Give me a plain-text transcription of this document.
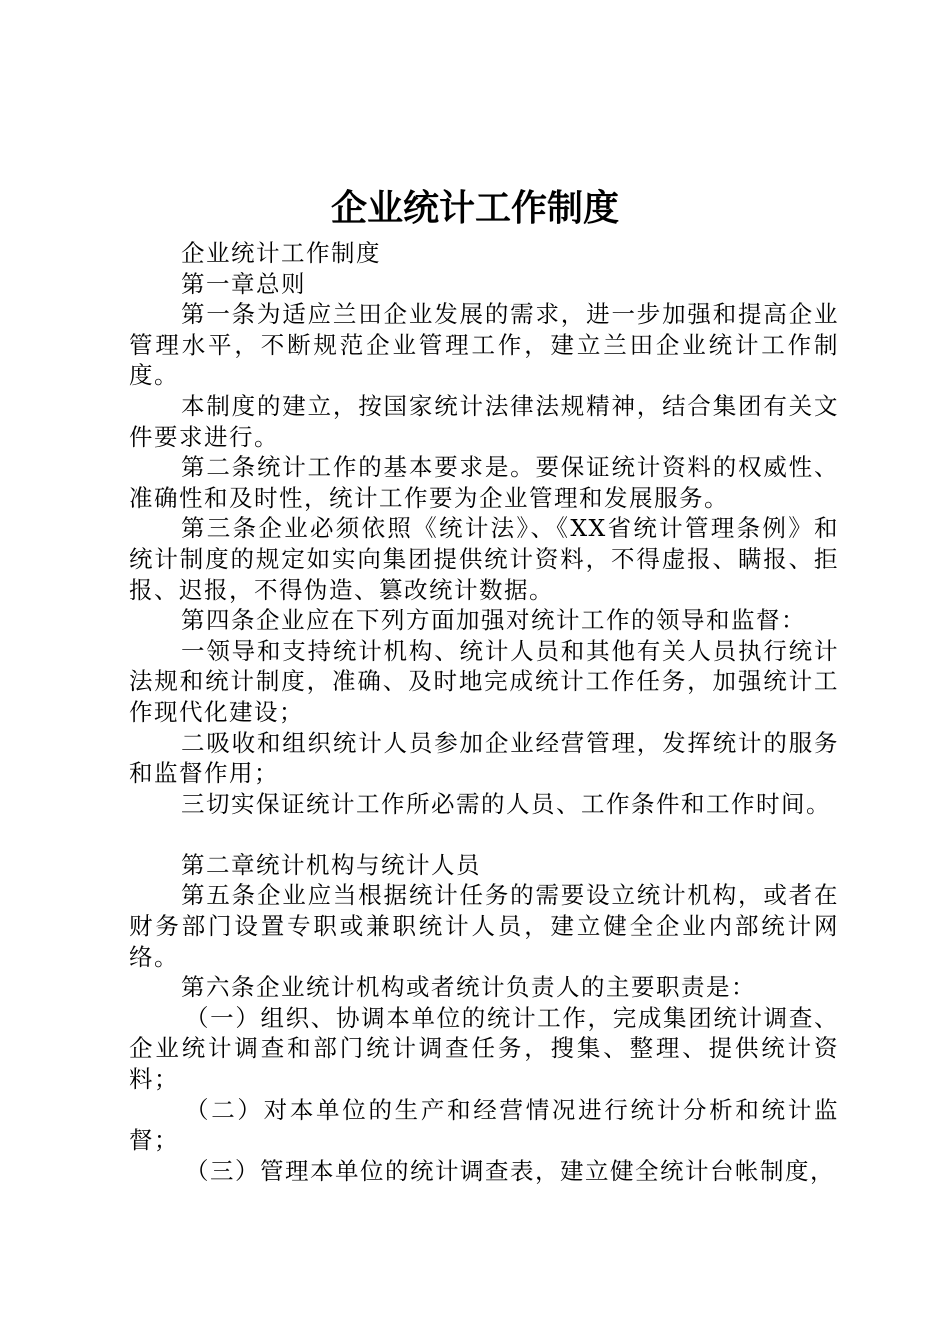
企业统计工作制度

企业统计工作制度

第一章总则

第一条为适应兰田企业发展的需求，进一步加强和提高企业管理水平，不断规范企业管理工作，建立兰田企业统计工作制度。

本制度的建立，按国家统计法律法规精神，结合集团有关文件要求进行。

第二条统计工作的基本要求是。要保证统计资料的权威性、准确性和及时性，统计工作要为企业管理和发展服务。

第三条企业必须依照《统计法》、《XX省统计管理条例》和统计制度的规定如实向集团提供统计资料，不得虚报、瞒报、拒报、迟报，不得伪造、篡改统计数据。

第四条企业应在下列方面加强对统计工作的领导和监督：

一领导和支持统计机构、统计人员和其他有关人员执行统计法规和统计制度，准确、及时地完成统计工作任务，加强统计工作现代化建设；

二吸收和组织统计人员参加企业经营管理，发挥统计的服务和监督作用；

三切实保证统计工作所必需的人员、工作条件和工作时间。

第二章统计机构与统计人员

第五条企业应当根据统计任务的需要设立统计机构，或者在财务部门设置专职或兼职统计人员，建立健全企业内部统计网络。

第六条企业统计机构或者统计负责人的主要职责是：

（一）组织、协调本单位的统计工作，完成集团统计调查、企业统计调查和部门统计调查任务，搜集、整理、提供统计资料；

（二）对本单位的生产和经营情况进行统计分析和统计监督；

（三）管理本单位的统计调查表，建立健全统计台帐制度，
